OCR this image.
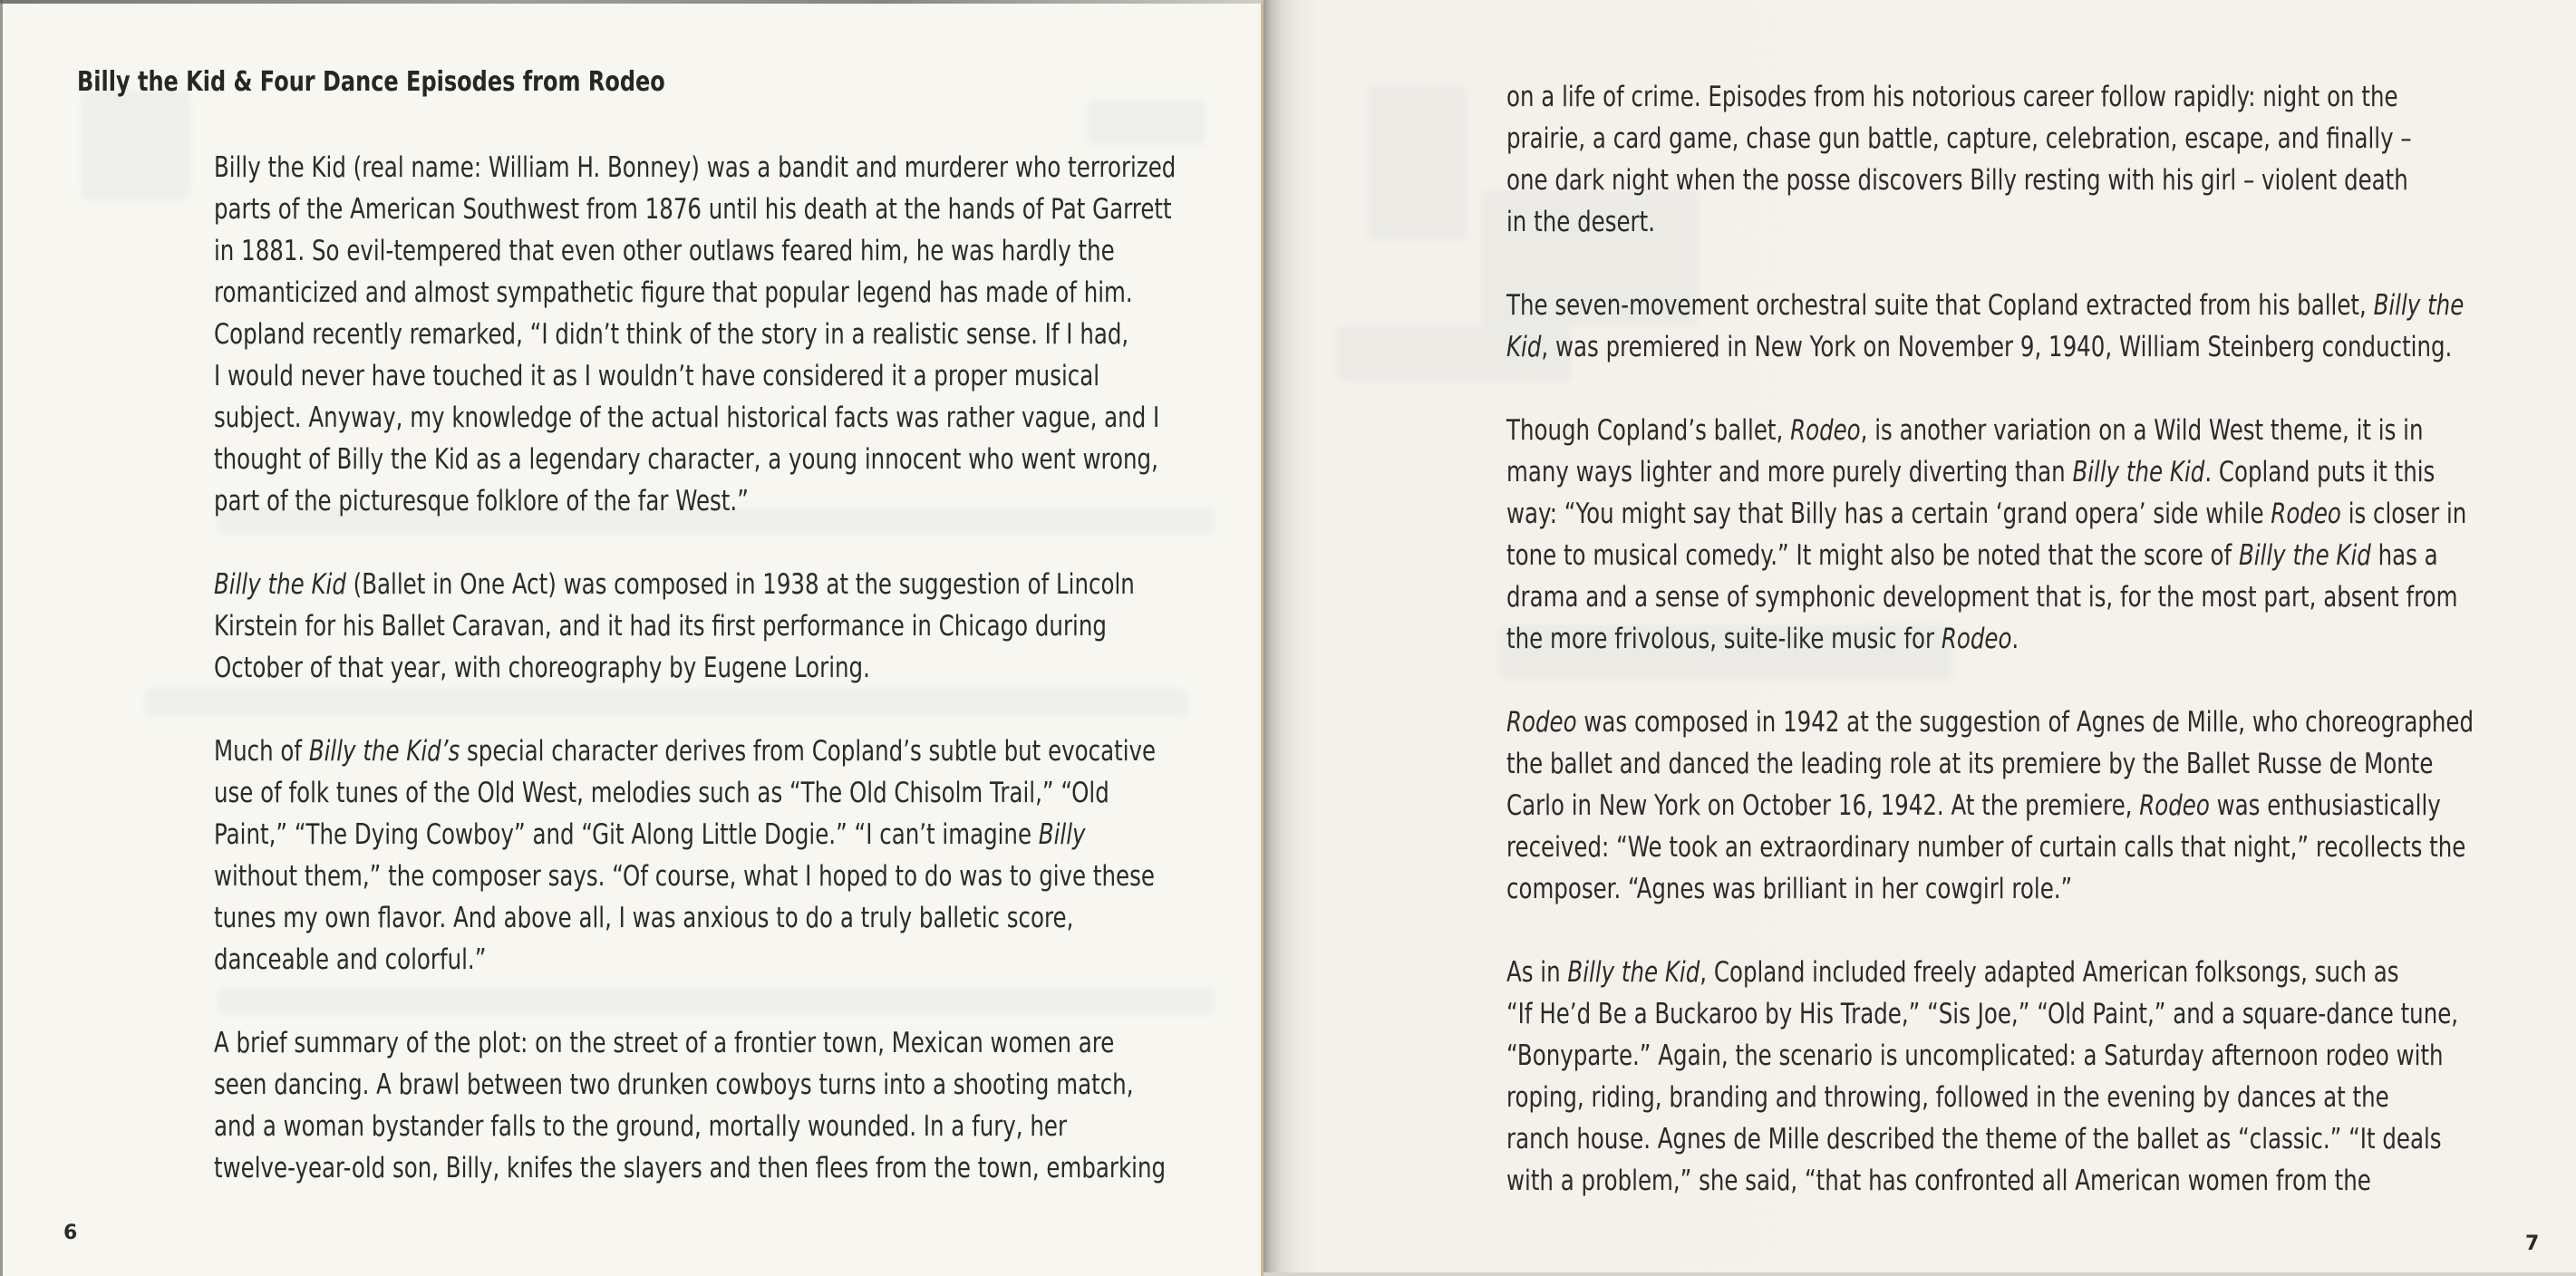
Billy the Kid & Four Dance Episodes from Rodeo
Billy the Kid (real name: William H. Bonney) was a bandit and murderer who terrorized
parts of the American Southwest from 1876 until his death at the hands of Pat Garrett
in 1881. So evil-tempered that even other outlaws feared him, he was hardly the
romanticized and almost sympathetic figure that popular legend has made of him.
Copland recently remarked, “I didn’t think of the story in a realistic sense. If I had,
I would never have touched it as I wouldn’t have considered it a proper musical
subject. Anyway, my knowledge of the actual historical facts was rather vague, and I
thought of Billy the Kid as a legendary character, a young innocent who went wrong,
part of the picturesque folklore of the far West.”
Billy the Kid (Ballet in One Act) was composed in 1938 at the suggestion of Lincoln
Kirstein for his Ballet Caravan, and it had its first performance in Chicago during
October of that year, with choreography by Eugene Loring.
Much of Billy the Kid’s special character derives from Copland’s subtle but evocative
use of folk tunes of the Old West, melodies such as “The Old Chisolm Trail,” “Old
Paint,” “The Dying Cowboy” and “Git Along Little Dogie.” “I can’t imagine Billy
without them,” the composer says. “Of course, what I hoped to do was to give these
tunes my own flavor. And above all, I was anxious to do a truly balletic score,
danceable and colorful.”
A brief summary of the plot: on the street of a frontier town, Mexican women are
seen dancing. A brawl between two drunken cowboys turns into a shooting match,
and a woman bystander falls to the ground, mortally wounded. In a fury, her
twelve-year-old son, Billy, knifes the slayers and then flees from the town, embarking
6
on a life of crime. Episodes from his notorious career follow rapidly: night on the
prairie, a card game, chase gun battle, capture, celebration, escape, and finally –
one dark night when the posse discovers Billy resting with his girl – violent death
in the desert.
The seven-movement orchestral suite that Copland extracted from his ballet, Billy the
Kid, was premiered in New York on November 9, 1940, William Steinberg conducting.
Though Copland’s ballet, Rodeo, is another variation on a Wild West theme, it is in
many ways lighter and more purely diverting than Billy the Kid. Copland puts it this
way: “You might say that Billy has a certain ‘grand opera’ side while Rodeo is closer in
tone to musical comedy.” It might also be noted that the score of Billy the Kid has a
drama and a sense of symphonic development that is, for the most part, absent from
the more frivolous, suite-like music for Rodeo.
Rodeo was composed in 1942 at the suggestion of Agnes de Mille, who choreographed
the ballet and danced the leading role at its premiere by the Ballet Russe de Monte
Carlo in New York on October 16, 1942. At the premiere, Rodeo was enthusiastically
received: “We took an extraordinary number of curtain calls that night,” recollects the
composer. “Agnes was brilliant in her cowgirl role.”
As in Billy the Kid, Copland included freely adapted American folksongs, such as
“If He’d Be a Buckaroo by His Trade,” “Sis Joe,” “Old Paint,” and a square-dance tune,
“Bonyparte.” Again, the scenario is uncomplicated: a Saturday afternoon rodeo with
roping, riding, branding and throwing, followed in the evening by dances at the
ranch house. Agnes de Mille described the theme of the ballet as “classic.” “It deals
with a problem,” she said, “that has confronted all American women from the
7
